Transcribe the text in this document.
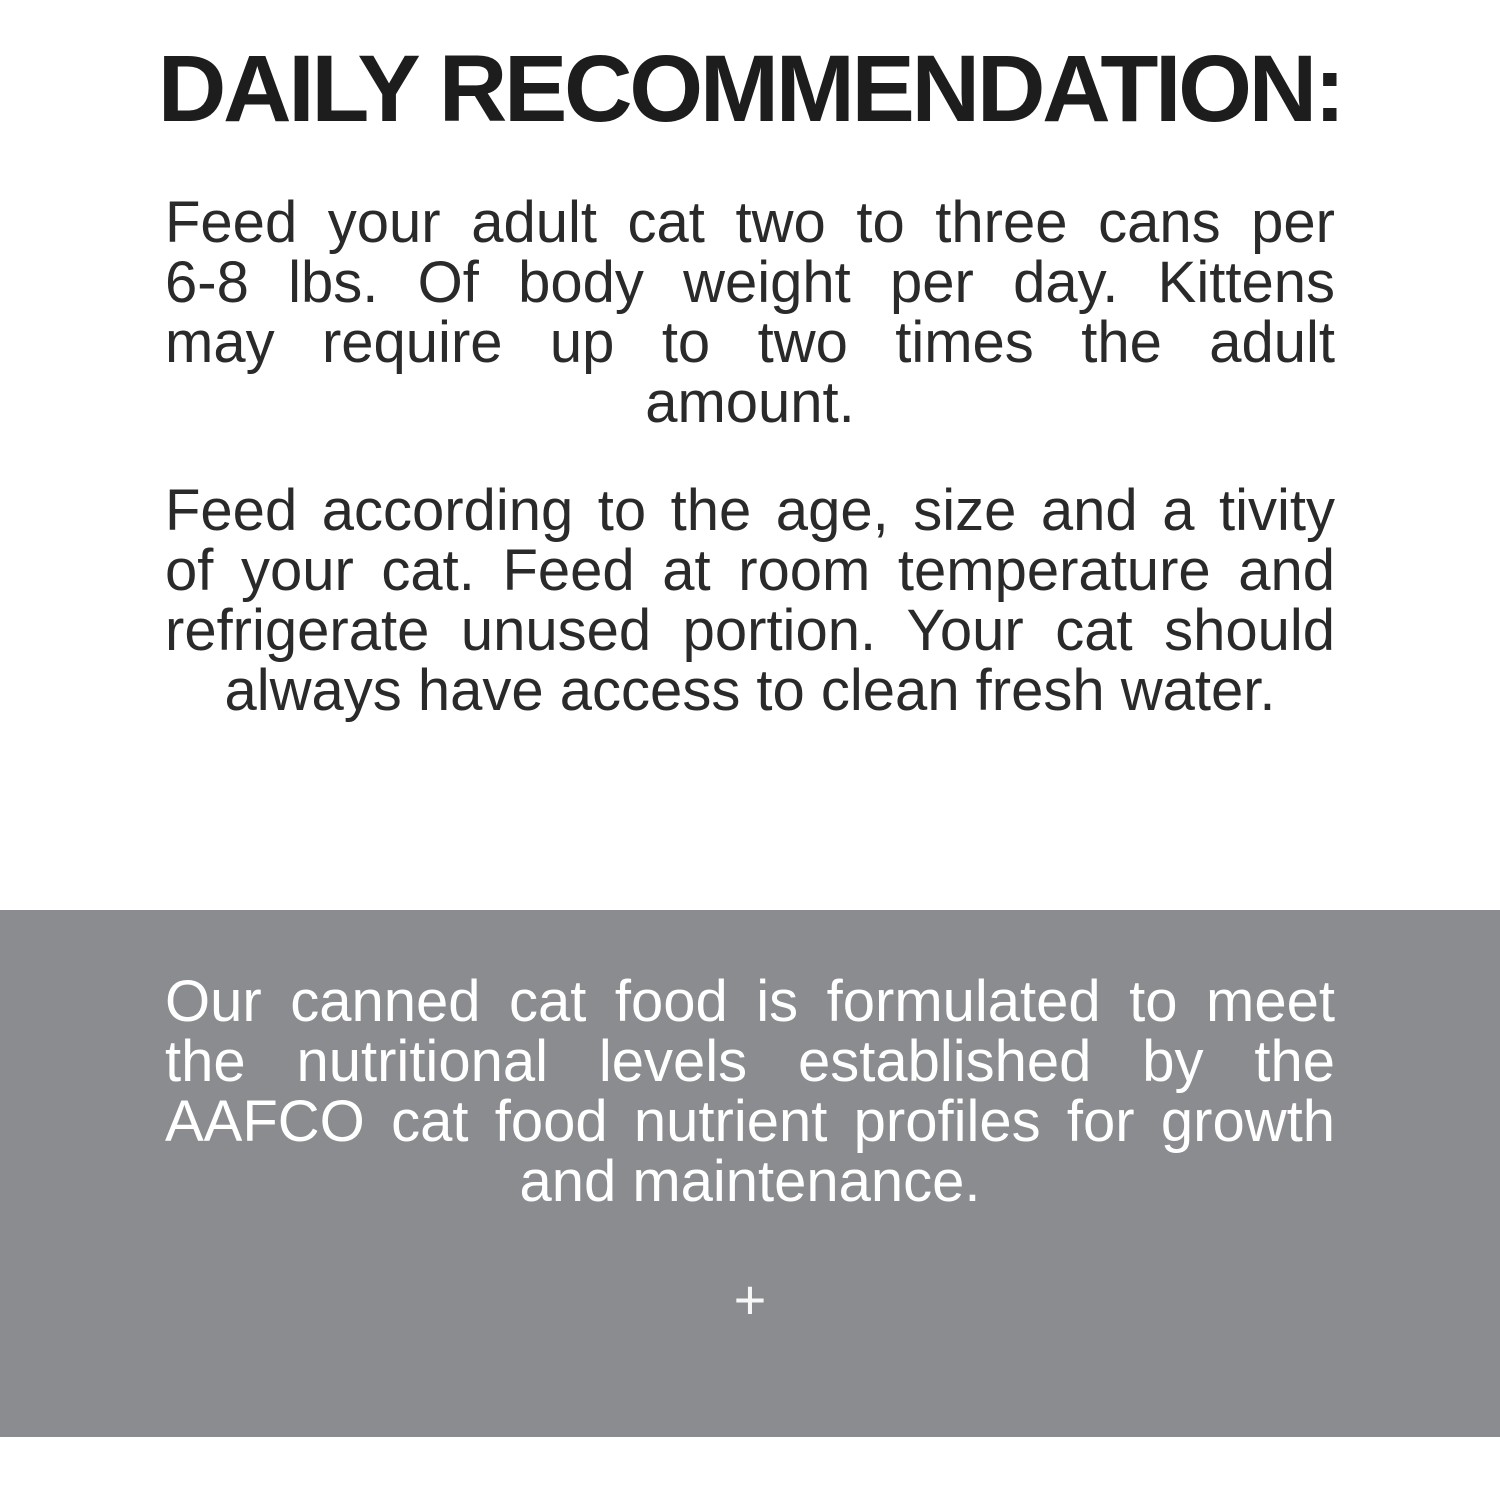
DAILY RECOMMENDATION:
Feed your adult cat two to three cans per
6-8 lbs. Of body weight per day. Kittens
may require up to two times the adult
amount.
Feed according to the age, size and a tivity
of your cat. Feed at room temperature and
refrigerate unused portion. Your cat should
always have access to clean fresh water.
Our canned cat food is formulated to meet
the nutritional levels established by the
AAFCO cat food nutrient profiles for growth
and maintenance.
+
